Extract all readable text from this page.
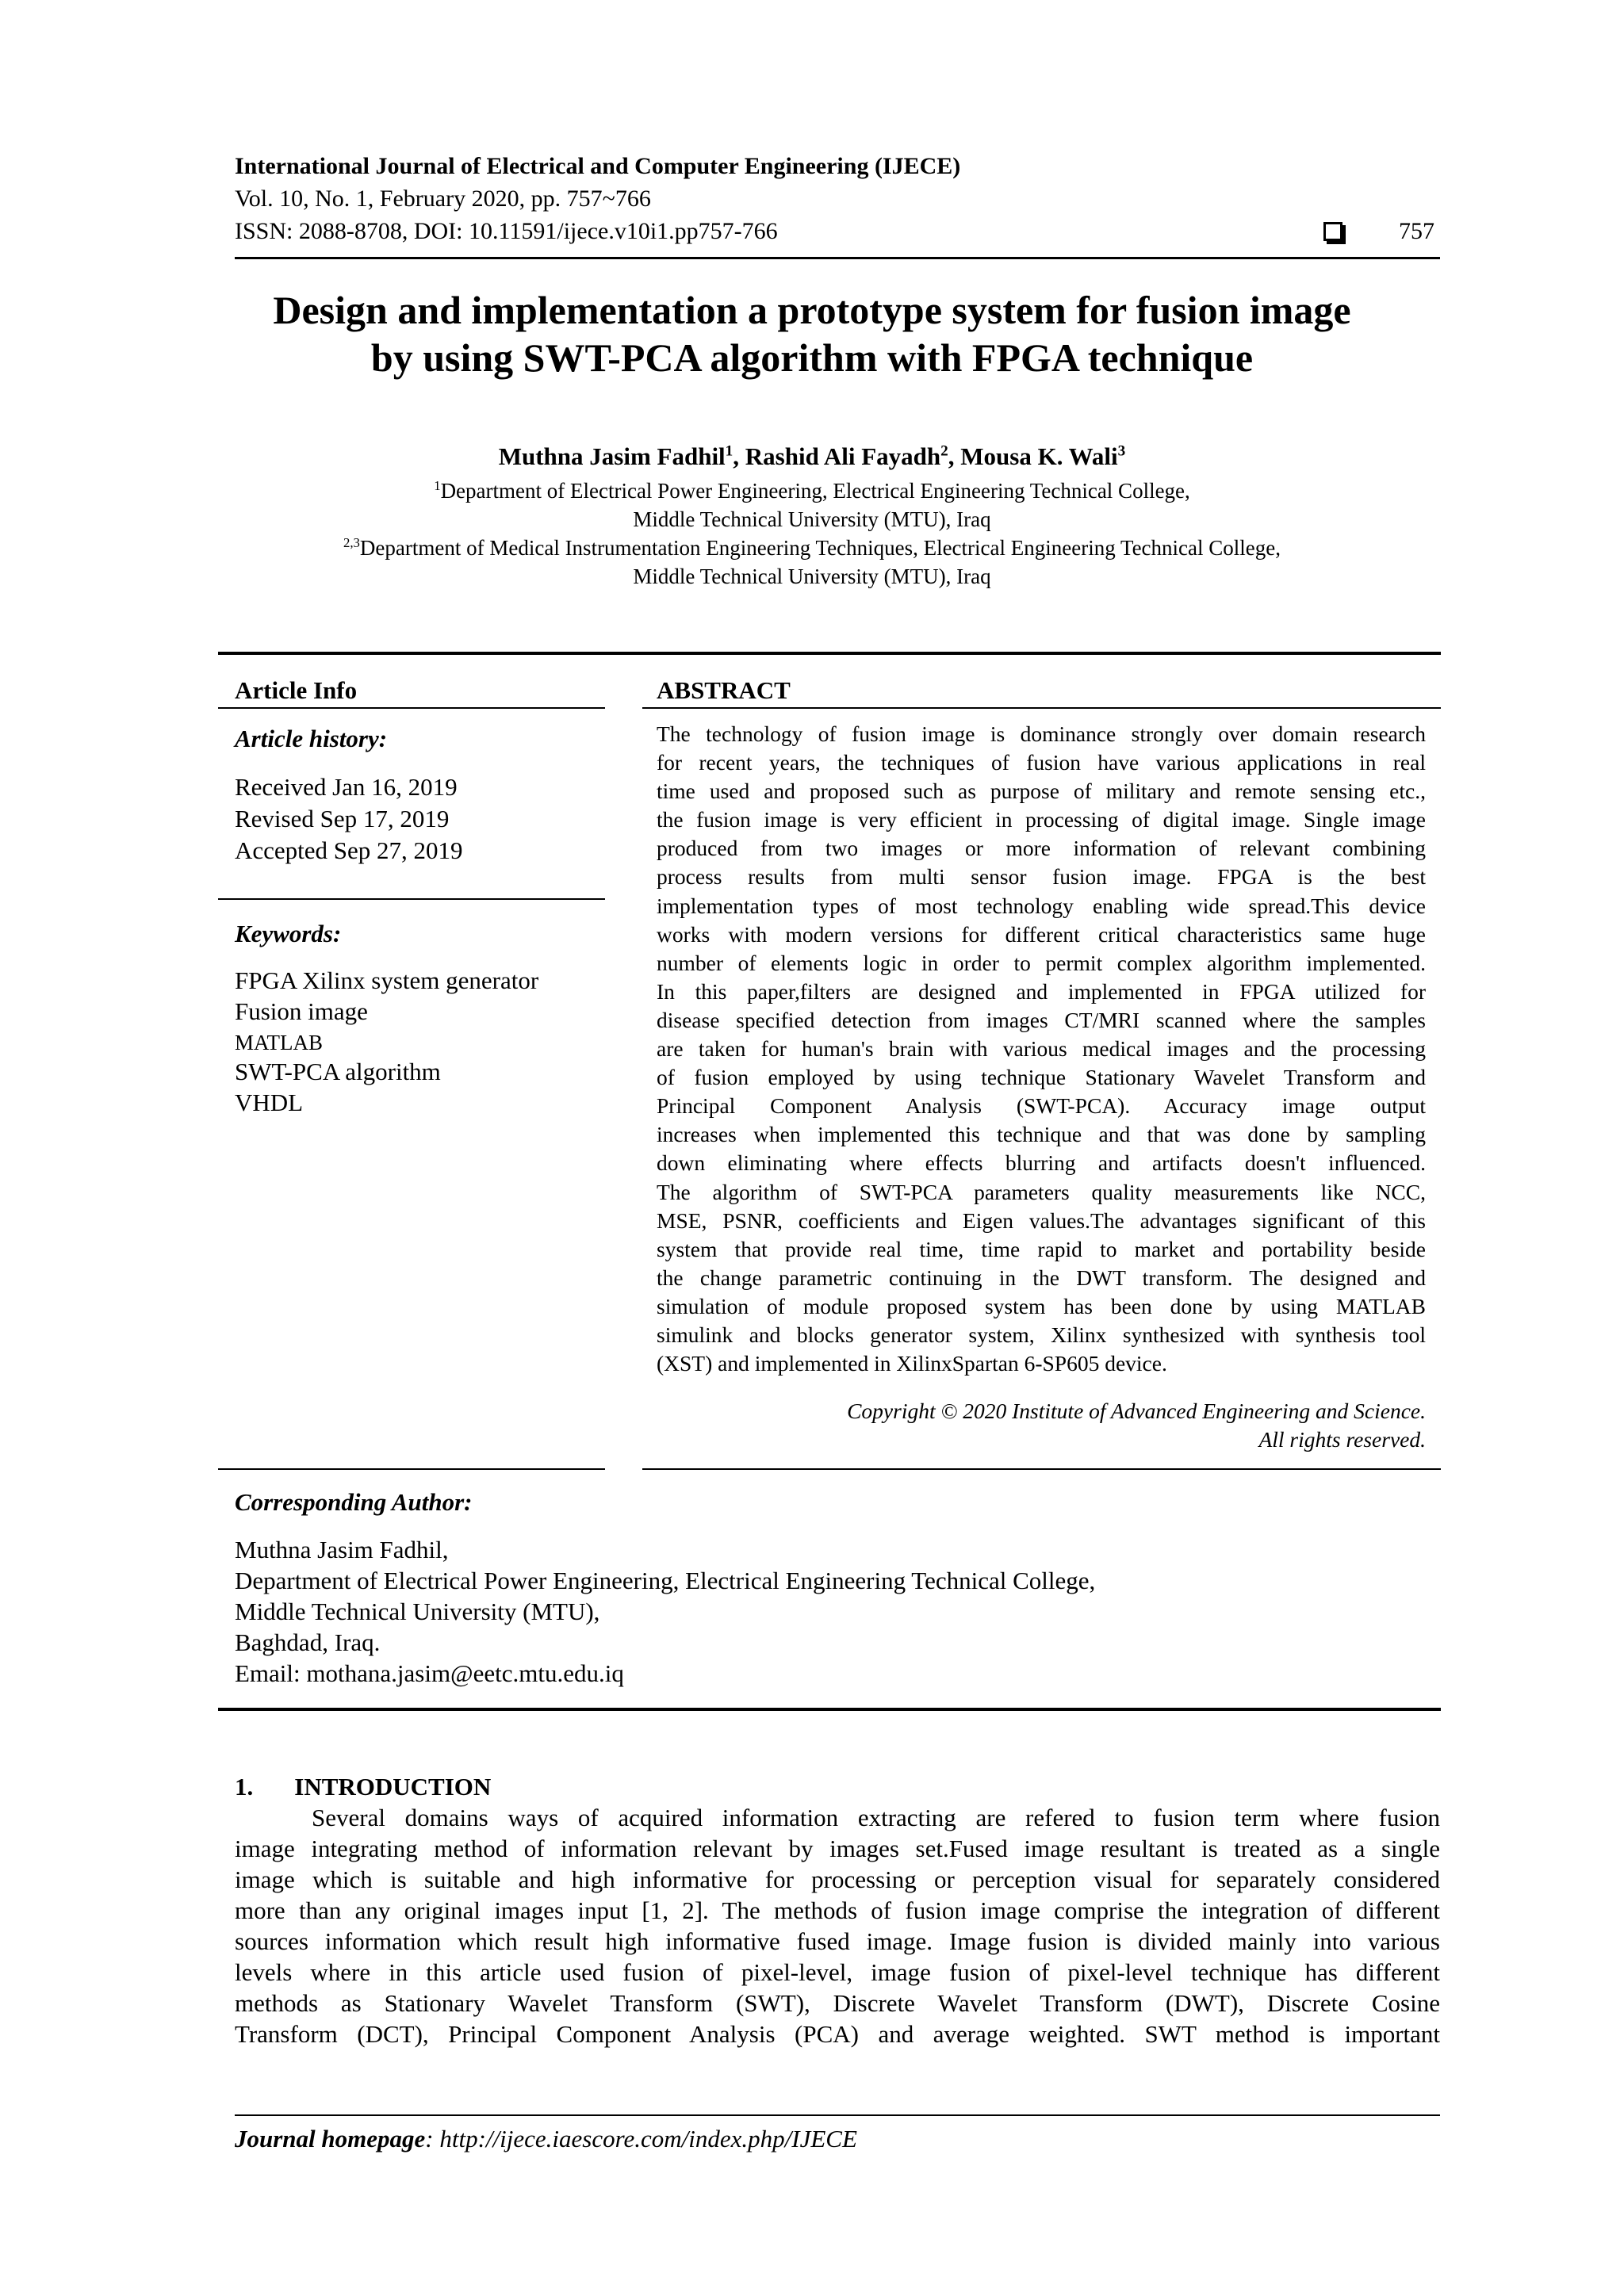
International Journal of Electrical and Computer Engineering (IJECE)
Vol. 10, No. 1, February 2020, pp. 757~766
ISSN: 2088-8708, DOI: 10.11591/ijece.v10i1.pp757-766	757
Design and implementation a prototype system for fusion image
by using SWT-PCA algorithm with FPGA technique
Muthna Jasim Fadhil$^1$, Rashid Ali Fayadh$^2$, Mousa K. Wali$^3$
$^1$Department of Electrical Power Engineering, Electrical Engineering Technical College,
Middle Technical University (MTU), Iraq
$^{2,3}$Department of Medical Instrumentation Engineering Techniques, Electrical Engineering Technical College,
Middle Technical University (MTU), Iraq
Article Info
Article history:
Received Jan 16, 2019
Revised Sep 17, 2019
Accepted Sep 27, 2019
Keywords:
FPGA Xilinx system generator
Fusion image
MATLAB
SWT-PCA algorithm
VHDL
ABSTRACT
The technology of fusion image is dominance strongly over domain research
for recent years, the techniques of fusion have various applications in real
time used and proposed such as purpose of military and remote sensing etc.,
the fusion image is very efficient in processing of digital image. Single image
produced from two images or more information of relevant combining
process results from multi sensor fusion image. FPGA is the best
implementation types of most technology enabling wide spread.This device
works with modern versions for different critical characteristics same huge
number of elements logic in order to permit complex algorithm implemented.
In this paper,filters are designed and implemented in FPGA utilized for
disease specified detection from images CT/MRI scanned where the samples
are taken for human's brain with various medical images and the processing
of fusion employed by using technique Stationary Wavelet Transform and
Principal Component Analysis (SWT-PCA). Accuracy image output
increases when implemented this technique and that was done by sampling
down eliminating where effects blurring and artifacts doesn't influenced.
The algorithm of SWT-PCA parameters quality measurements like NCC,
MSE, PSNR, coefficients and Eigen values.The advantages significant of this
system that provide real time, time rapid to market and portability beside
the change parametric continuing in the DWT transform. The designed and
simulation of module proposed system has been done by using MATLAB
simulink and blocks generator system, Xilinx synthesized with synthesis tool
(XST) and implemented in XilinxSpartan 6-SP605 device.
Copyright © 2020 Institute of Advanced Engineering and Science.
All rights reserved.
Corresponding Author:
Muthna Jasim Fadhil,
Department of Electrical Power Engineering, Electrical Engineering Technical College,
Middle Technical University (MTU),
Baghdad, Iraq.
Email: mothana.jasim@eetc.mtu.edu.iq
1. INTRODUCTION
Several domains ways of acquired information extracting are refered to fusion term where fusion
image integrating method of information relevant by images set.Fused image resultant is treated as a single
image which is suitable and high informative for processing or perception visual for separately considered
more than any original images input [1, 2]. The methods of fusion image comprise the integration of different
sources information which result high informative fused image. Image fusion is divided mainly into various
levels where in this article used fusion of pixel-level, image fusion of pixel-level technique has different
methods as Stationary Wavelet Transform (SWT), Discrete Wavelet Transform (DWT), Discrete Cosine
Transform (DCT), Principal Component Analysis (PCA) and average weighted. SWT method is important
Journal homepage: http://ijece.iaescore.com/index.php/IJECE
